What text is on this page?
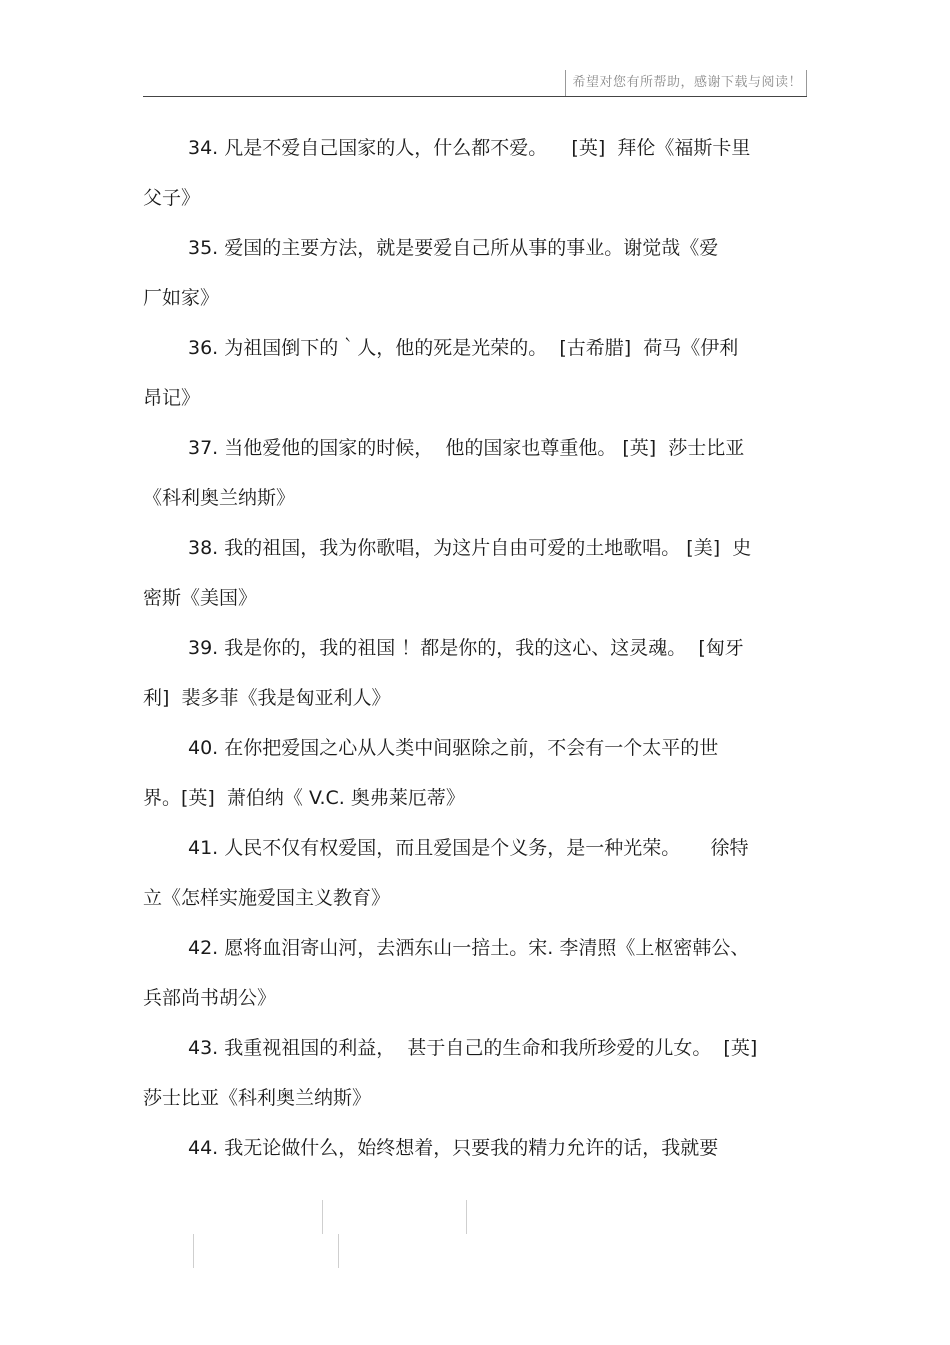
希望对您有所帮助，感谢下载与阅读！
34. 凡是不爱自己国家的人，什么都不爱。    [英]  拜伦《福斯卡里
父子》
35. 爱国的主要方法，就是要爱自己所从事的事业。谢觉哉《爱
厂如家》
36. 为祖国倒下的｀人，他的死是光荣的。  [古希腊]  荷马《伊利
昂记》
37. 当他爱他的国家的时候，  他的国家也尊重他。 [英]  莎士比亚
《科利奥兰纳斯》
38. 我的祖国，我为你歌唱，为这片自由可爱的土地歌唱。 [美]  史
密斯《美国》
39. 我是你的，我的祖国 ！都是你的，我的这心、这灵魂。  [匈牙
利]  裴多菲《我是匈亚利人》
40. 在你把爱国之心从人类中间驱除之前，不会有一个太平的世
界。[英]  萧伯纳《 V.C. 奥弗莱厄蒂》
41. 人民不仅有权爱国，而且爱国是个义务，是一种光荣。     徐特
立《怎样实施爱国主义教育》
42. 愿将血泪寄山河，去洒东山一掊土。宋. 李清照《上枢密韩公、
兵部尚书胡公》
43. 我重视祖国的利益，  甚于自己的生命和我所珍爱的儿女。  [英]
莎士比亚《科利奥兰纳斯》
44. 我无论做什么，始终想着，只要我的精力允许的话，我就要
